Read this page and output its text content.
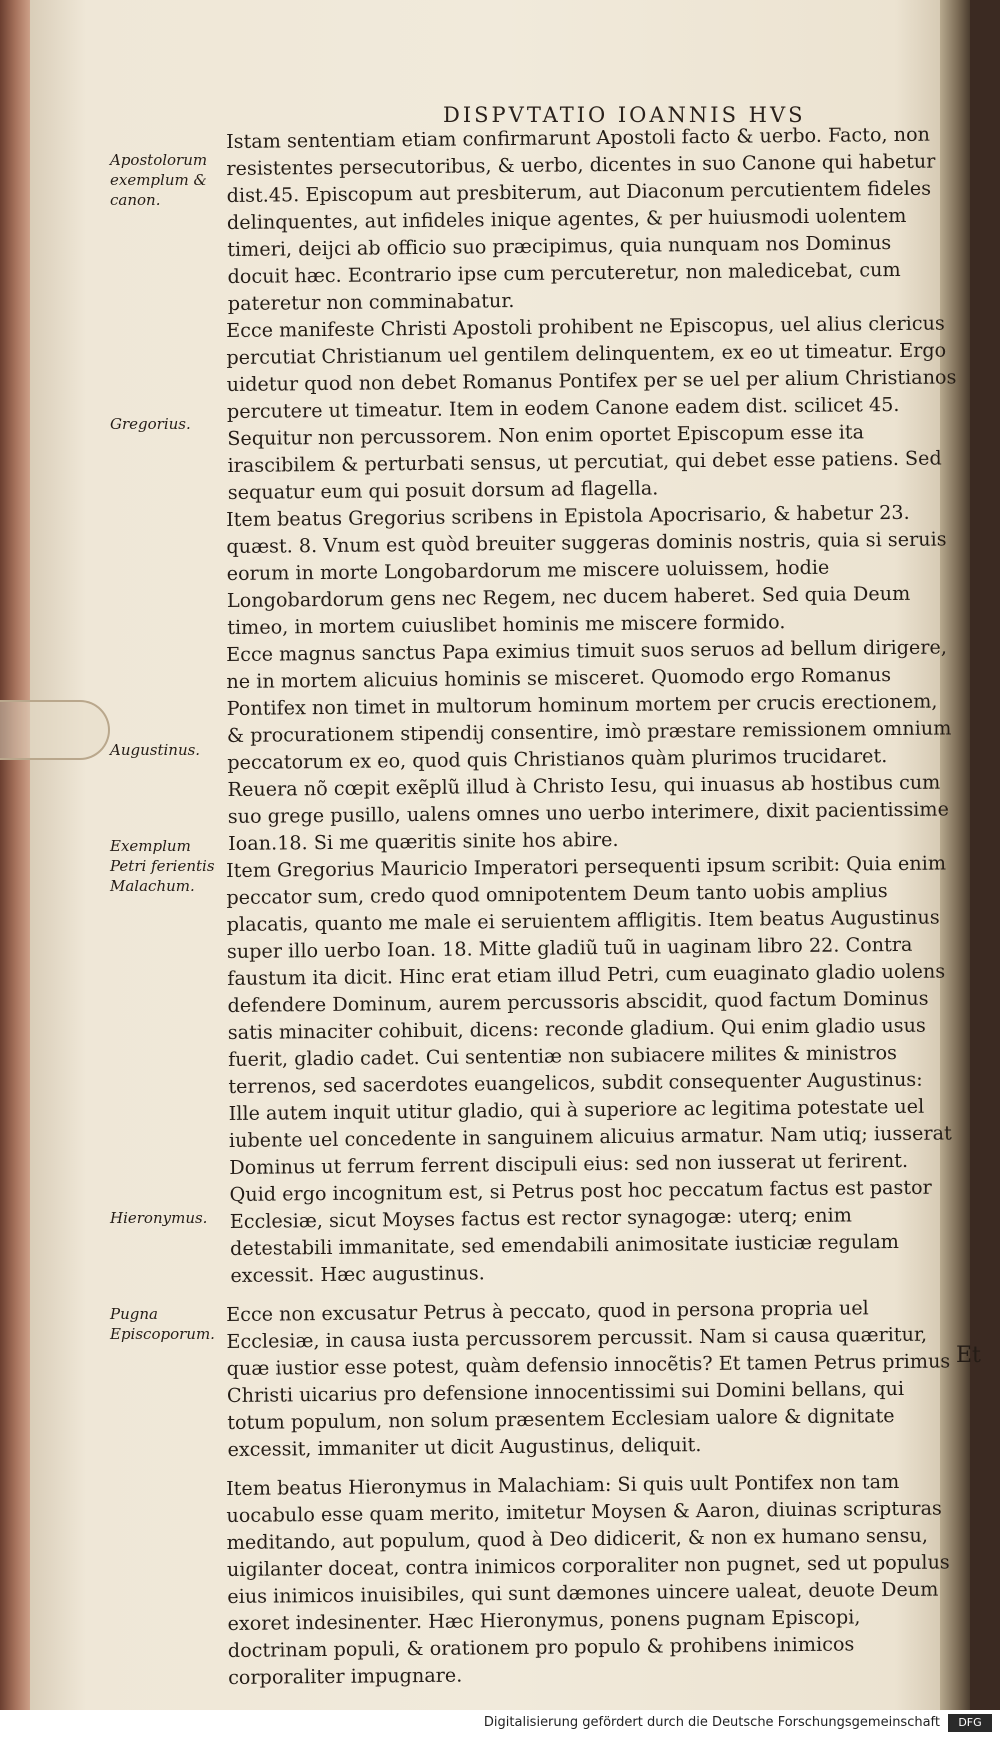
DISPVTATIO IOANNIS HVS
Apostolorum exemplum & canon.
Gregorius.
Augustinus.
Exemplum Petri ferientis Malachum.
Hieronymus.
Pugna Episcoporum.

Istam sententiam etiam confirmarunt Apostoli facto & uerbo. Facto, non resistentes persecutoribus, & uerbo, dicentes in suo Canone qui habetur dist.45. Episcopum aut presbiterum, aut Diaconum percutientem fideles delinquentes, aut infideles inique agentes, & per huiusmodi uolentem timeri, deijci ab officio suo præcipimus, quia nunquam nos Dominus docuit hæc. Econtrario ipse cum percuteretur, non maledicebat, cum pateretur non comminabatur.

Ecce manifeste Christi Apostoli prohibent ne Episcopus, uel alius clericus percutiat Christianum uel gentilem delinquentem, ex eo ut timeatur. Ergo uidetur quod non debet Romanus Pontifex per se uel per alium Christianos percutere ut timeatur. Item in eodem Canone eadem dist. scilicet 45. Sequitur non percussorem. Non enim oportet Episcopum esse ita irascibilem & perturbati sensus, ut percutiat, qui debet esse patiens. Sed sequatur eum qui posuit dorsum ad flagella.

Item beatus Gregorius scribens in Epistola Apocrisario, & habetur 23. quæst. 8. Vnum est quòd breuiter suggeras dominis nostris, quia si seruis eorum in morte Longobardorum me miscere uoluissem, hodie Longobardorum gens nec Regem, nec ducem haberet. Sed quia Deum timeo, in mortem cuiuslibet hominis me miscere formido.

Ecce magnus sanctus Papa eximius timuit suos seruos ad bellum dirigere, ne in mortem alicuius hominis se misceret. Quomodo ergo Romanus Pontifex non timet in multorum hominum mortem per crucis erectionem, & procurationem stipendij consentire, imò præstare remissionem omnium peccatorum ex eo, quod quis Christianos quàm plurimos trucidaret. Reuera nõ cœpit exẽplũ illud à Christo Iesu, qui inuasus ab hostibus cum suo grege pusillo, ualens omnes uno uerbo interimere, dixit pacientissime Ioan.18. Si me quæritis sinite hos abire.

Item Gregorius Mauricio Imperatori persequenti ipsum scribit: Quia enim peccator sum, credo quod omnipotentem Deum tanto uobis amplius placatis, quanto me male ei seruientem affligitis. Item beatus Augustinus super illo uerbo Ioan. 18. Mitte gladiũ tuũ in uaginam libro 22. Contra faustum ita dicit. Hinc erat etiam illud Petri, cum euaginato gladio uolens defendere Dominum, aurem percussoris abscidit, quod factum Dominus satis minaciter cohibuit, dicens: reconde gladium. Qui enim gladio usus fuerit, gladio cadet. Cui sententiæ non subiacere milites & ministros terrenos, sed sacerdotes euangelicos, subdit consequenter Augustinus: Ille autem inquit utitur gladio, qui à superiore ac legitima potestate uel iubente uel concedente in sanguinem alicuius armatur. Nam utiq; iusserat Dominus ut ferrum ferrent discipuli eius: sed non iusserat ut ferirent. Quid ergo incognitum est, si Petrus post hoc peccatum factus est pastor Ecclesiæ, sicut Moyses factus est rector synagogæ: uterq; enim detestabili immanitate, sed emendabili animositate iusticiæ regulam excessit. Hæc augustinus.

Ecce non excusatur Petrus à peccato, quod in persona propria uel Ecclesiæ, in causa iusta percussorem percussit. Nam si causa quæritur, quæ iustior esse potest, quàm defensio innocẽtis? Et tamen Petrus primus Christi uicarius pro defensione innocentissimi sui Domini bellans, qui totum populum, non solum præsentem Ecclesiam ualore & dignitate excessit, immaniter ut dicit Augustinus, deliquit.

Item beatus Hieronymus in Malachiam: Si quis uult Pontifex non tam uocabulo esse quam merito, imitetur Moysen & Aaron, diuinas scripturas meditando, aut populum, quod à Deo didicerit, & non ex humano sensu, uigilanter doceat, contra inimicos corporaliter non pugnet, sed ut populus eius inimicos inuisibiles, qui sunt dæmones uincere ualeat, deuote Deum exoret indesinenter. Hæc Hieronymus, ponens pugnam Episcopi, doctrinam populi, & orationem pro populo & prohibens inimicos corporaliter impugnare.

Et
Digitalisierung gefördert durch die Deutsche Forschungsgemeinschaft	DFG
